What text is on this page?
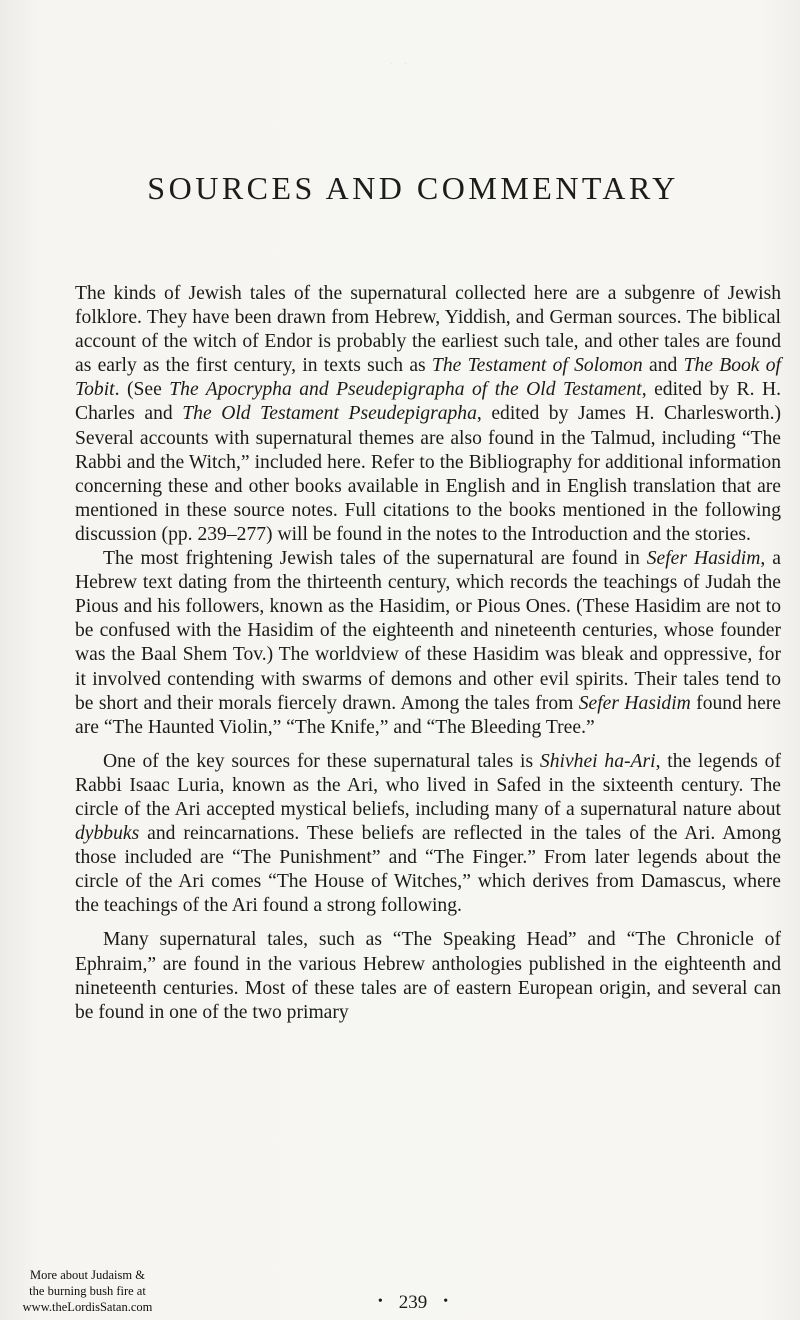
· ·

SOURCES AND COMMENTARY

The kinds of Jewish tales of the supernatural collected here are a subgenre of Jewish folklore. They have been drawn from Hebrew, Yiddish, and German sources. The biblical account of the witch of Endor is probably the earliest such tale, and other tales are found as early as the first century, in texts such as The Testament of Solomon and The Book of Tobit. (See The Apocrypha and Pseudepigrapha of the Old Testament, edited by R. H. Charles and The Old Testament Pseudepigrapha, edited by James H. Charlesworth.) Several accounts with supernatural themes are also found in the Talmud, including “The Rabbi and the Witch,” included here. Refer to the Bibliography for additional information concerning these and other books available in English and in English translation that are mentioned in these source notes. Full citations to the books mentioned in the following discussion (pp. 239–277) will be found in the notes to the Introduction and the stories.

The most frightening Jewish tales of the supernatural are found in Sefer Hasidim, a Hebrew text dating from the thirteenth century, which records the teachings of Judah the Pious and his followers, known as the Hasidim, or Pious Ones. (These Hasidim are not to be confused with the Hasidim of the eighteenth and nineteenth centuries, whose founder was the Baal Shem Tov.) The worldview of these Hasidim was bleak and oppressive, for it involved contending with swarms of demons and other evil spirits. Their tales tend to be short and their morals fiercely drawn. Among the tales from Sefer Hasidim found here are “The Haunted Violin,” “The Knife,” and “The Bleeding Tree.”

One of the key sources for these supernatural tales is Shivhei ha-Ari, the legends of Rabbi Isaac Luria, known as the Ari, who lived in Safed in the sixteenth century. The circle of the Ari accepted mystical beliefs, including many of a supernatural nature about dybbuks and reincarnations. These beliefs are reflected in the tales of the Ari. Among those included are “The Punishment” and “The Finger.” From later legends about the circle of the Ari comes “The House of Witches,” which derives from Damascus, where the teachings of the Ari found a strong following.

Many supernatural tales, such as “The Speaking Head” and “The Chronicle of Ephraim,” are found in the various Hebrew anthologies published in the eighteenth and nineteenth centuries. Most of these tales are of eastern European origin, and several can be found in one of the two primary

• 239 •
More about Judaism &
the burning bush fire at
www.theLordisSatan.com
